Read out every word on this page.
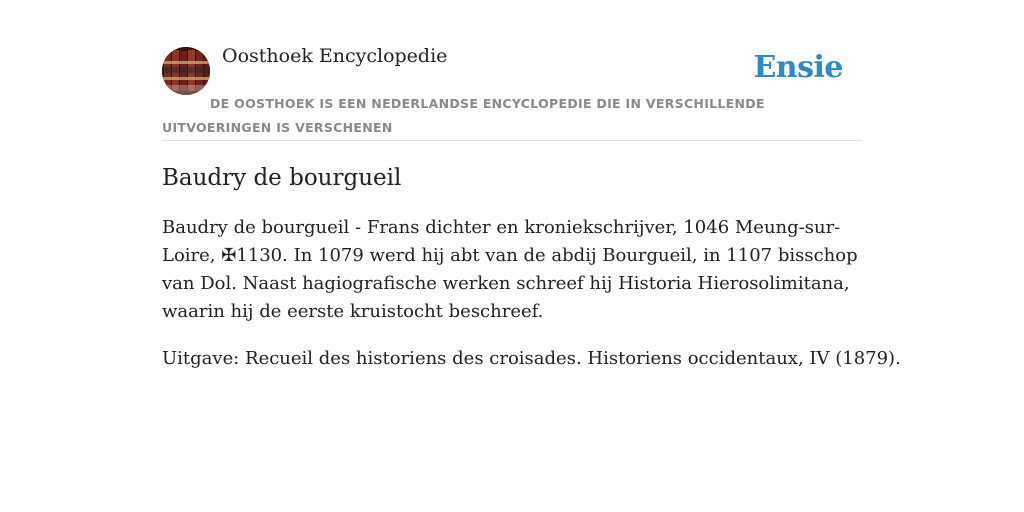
Oosthoek Encyclopedie	Ensie
DE OOSTHOEK IS EEN NEDERLANDSE ENCYCLOPEDIE DIE IN VERSCHILLENDE UITVOERINGEN IS VERSCHENEN
Baudry de bourgueil

Baudry de bourgueil - Frans dichter en kroniekschrijver, 1046 Meung-sur-Loire, ✠1130. In 1079 werd hij abt van de abdij Bourgueil, in 1107 bisschop van Dol. Naast hagiografische werken schreef hij Historia Hierosolimitana, waarin hij de eerste kruistocht beschreef.

Uitgave: Recueil des historiens des croisades. Historiens occidentaux, IV (1879).
